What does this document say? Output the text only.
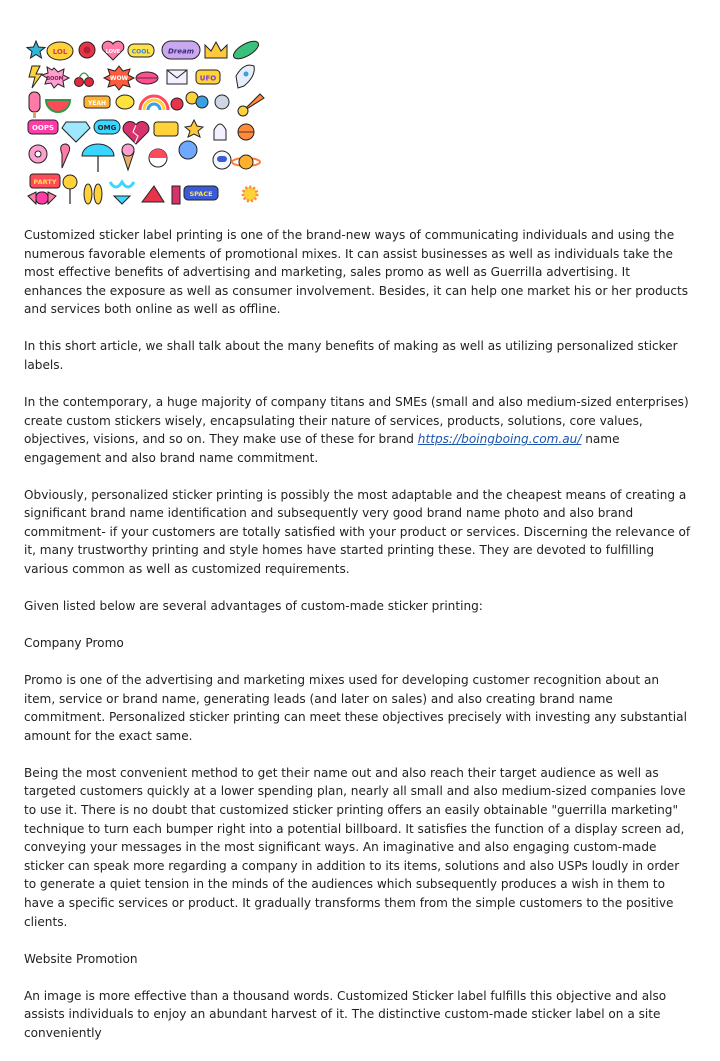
LOL	LOVE COOL	Dream
BOOM	WOW	UFO
YEAH
OOPS	OMG
PARTY
SPACE

Customized sticker label printing is one of the brand-new ways of communicating individuals and using the numerous favorable elements of promotional mixes. It can assist businesses as well as individuals take the most effective benefits of advertising and marketing, sales promo as well as Guerrilla advertising. It enhances the exposure as well as consumer involvement. Besides, it can help one market his or her products and services both online as well as offline.

In this short article, we shall talk about the many benefits of making as well as utilizing personalized sticker labels.

In the contemporary, a huge majority of company titans and SMEs (small and also medium-sized enterprises) create custom stickers wisely, encapsulating their nature of services, products, solutions, core values, objectives, visions, and so on. They make use of these for brand https://boingboing.com.au/ name engagement and also brand name commitment.

Obviously, personalized sticker printing is possibly the most adaptable and the cheapest means of creating a significant brand name identification and subsequently very good brand name photo and also brand commitment- if your customers are totally satisfied with your product or services. Discerning the relevance of it, many trustworthy printing and style homes have started printing these. They are devoted to fulfilling various common as well as customized requirements.

Given listed below are several advantages of custom-made sticker printing:

Company Promo

Promo is one of the advertising and marketing mixes used for developing customer recognition about an item, service or brand name, generating leads (and later on sales) and also creating brand name commitment. Personalized sticker printing can meet these objectives precisely with investing any substantial amount for the exact same.

Being the most convenient method to get their name out and also reach their target audience as well as targeted customers quickly at a lower spending plan, nearly all small and also medium-sized companies love to use it. There is no doubt that customized sticker printing offers an easily obtainable "guerrilla marketing" technique to turn each bumper right into a potential billboard. It satisfies the function of a display screen ad, conveying your messages in the most significant ways. An imaginative and also engaging custom-made sticker can speak more regarding a company in addition to its items, solutions and also USPs loudly in order to generate a quiet tension in the minds of the audiences which subsequently produces a wish in them to have a specific services or product. It gradually transforms them from the simple customers to the positive clients.

Website Promotion

An image is more effective than a thousand words. Customized Sticker label fulfills this objective and also assists individuals to enjoy an abundant harvest of it. The distinctive custom-made sticker label on a site conveniently
